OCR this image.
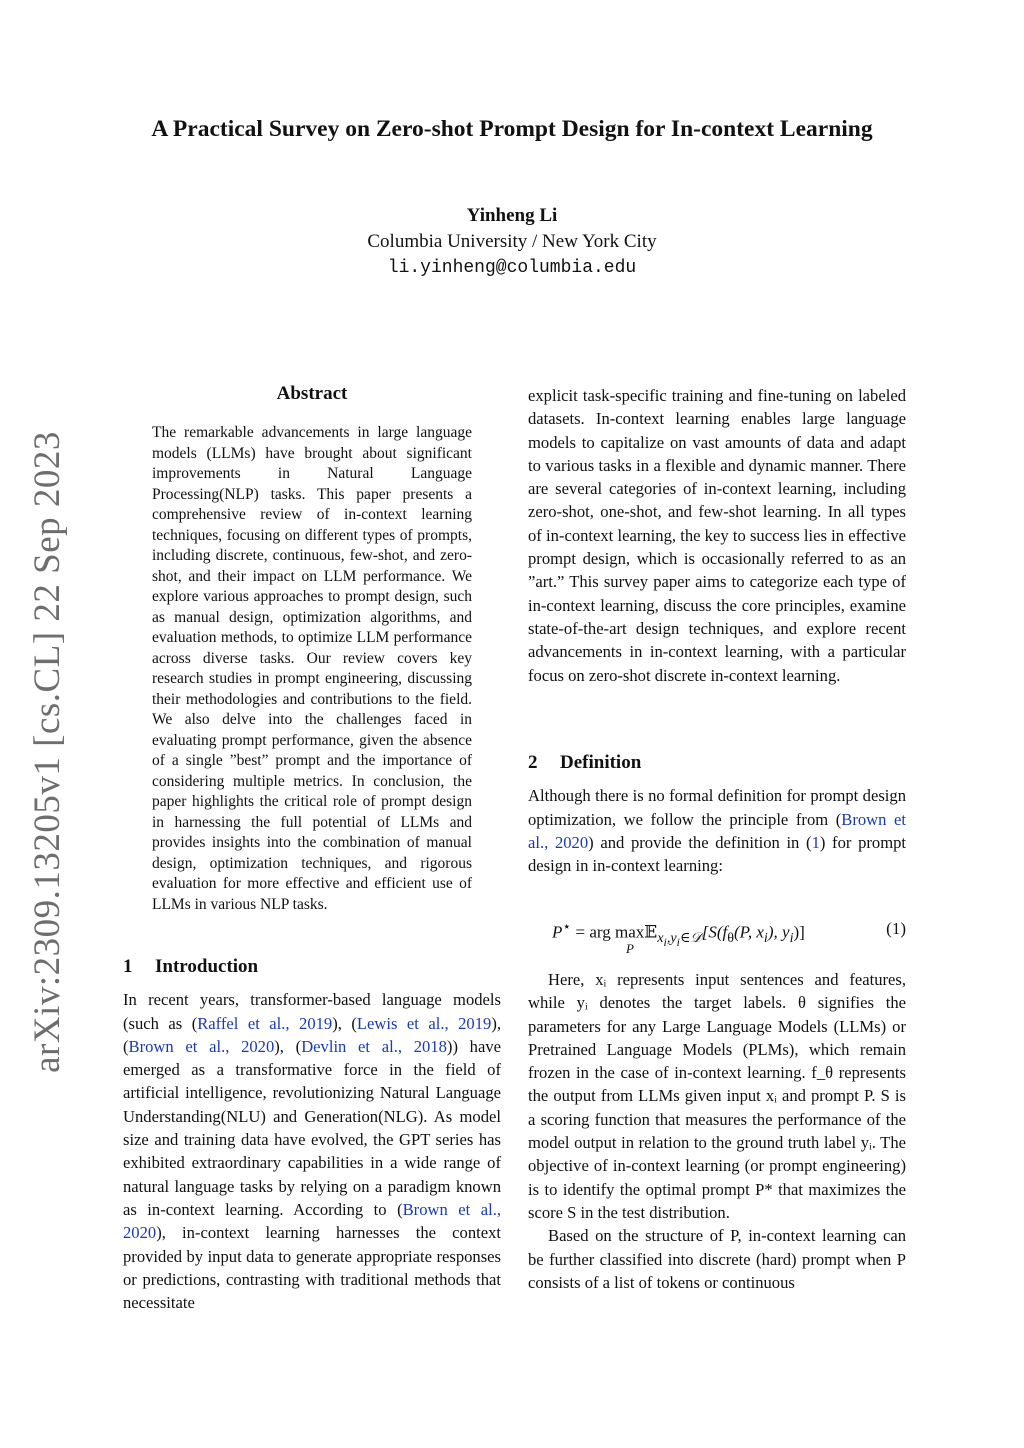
arXiv:2309.13205v1 [cs.CL] 22 Sep 2023
A Practical Survey on Zero-shot Prompt Design for In-context Learning
Yinheng Li
Columbia University / New York City
li.yinheng@columbia.edu
Abstract
The remarkable advancements in large language models (LLMs) have brought about significant improvements in Natural Language Processing(NLP) tasks. This paper presents a comprehensive review of in-context learning techniques, focusing on different types of prompts, including discrete, continuous, few-shot, and zero-shot, and their impact on LLM performance. We explore various approaches to prompt design, such as manual design, optimization algorithms, and evaluation methods, to optimize LLM performance across diverse tasks. Our review covers key research studies in prompt engineering, discussing their methodologies and contributions to the field. We also delve into the challenges faced in evaluating prompt performance, given the absence of a single ”best” prompt and the importance of considering multiple metrics. In conclusion, the paper highlights the critical role of prompt design in harnessing the full potential of LLMs and provides insights into the combination of manual design, optimization techniques, and rigorous evaluation for more effective and efficient use of LLMs in various NLP tasks.
1 Introduction

In recent years, transformer-based language models (such as (Raffel et al., 2019), (Lewis et al., 2019), (Brown et al., 2020), (Devlin et al., 2018)) have emerged as a transformative force in the field of artificial intelligence, revolutionizing Natural Language Understanding(NLU) and Generation(NLG). As model size and training data have evolved, the GPT series has exhibited extraordinary capabilities in a wide range of natural language tasks by relying on a paradigm known as in-context learning. According to (Brown et al., 2020), in-context learning harnesses the context provided by input data to generate appropriate responses or predictions, contrasting with traditional methods that necessitate

explicit task-specific training and fine-tuning on labeled datasets. In-context learning enables large language models to capitalize on vast amounts of data and adapt to various tasks in a flexible and dynamic manner. There are several categories of in-context learning, including zero-shot, one-shot, and few-shot learning. In all types of in-context learning, the key to success lies in effective prompt design, which is occasionally referred to as an ”art.” This survey paper aims to categorize each type of in-context learning, discuss the core principles, examine state-of-the-art design techniques, and explore recent advancements in in-context learning, with a particular focus on zero-shot discrete in-context learning.

2 Definition

Although there is no formal definition for prompt design optimization, we follow the principle from (Brown et al., 2020) and provide the definition in (1) for prompt design in in-context learning:

P⋆ = arg $\max 𝔼_{x_i,y_i\in 𝒟}[S(f_\theta(P$, $x_i$), $y_i$)]
P
(1)

Here, xᵢ represents input sentences and features, while yᵢ denotes the target labels. θ signifies the parameters for any Large Language Models (LLMs) or Pretrained Language Models (PLMs), which remain frozen in the case of in-context learning. f_θ represents the output from LLMs given input xᵢ and prompt P. S is a scoring function that measures the performance of the model output in relation to the ground truth label yᵢ. The objective of in-context learning (or prompt engineering) is to identify the optimal prompt P* that maximizes the score S in the test distribution.

Based on the structure of P, in-context learning can be further classified into discrete (hard) prompt when P consists of a list of tokens or continuous
